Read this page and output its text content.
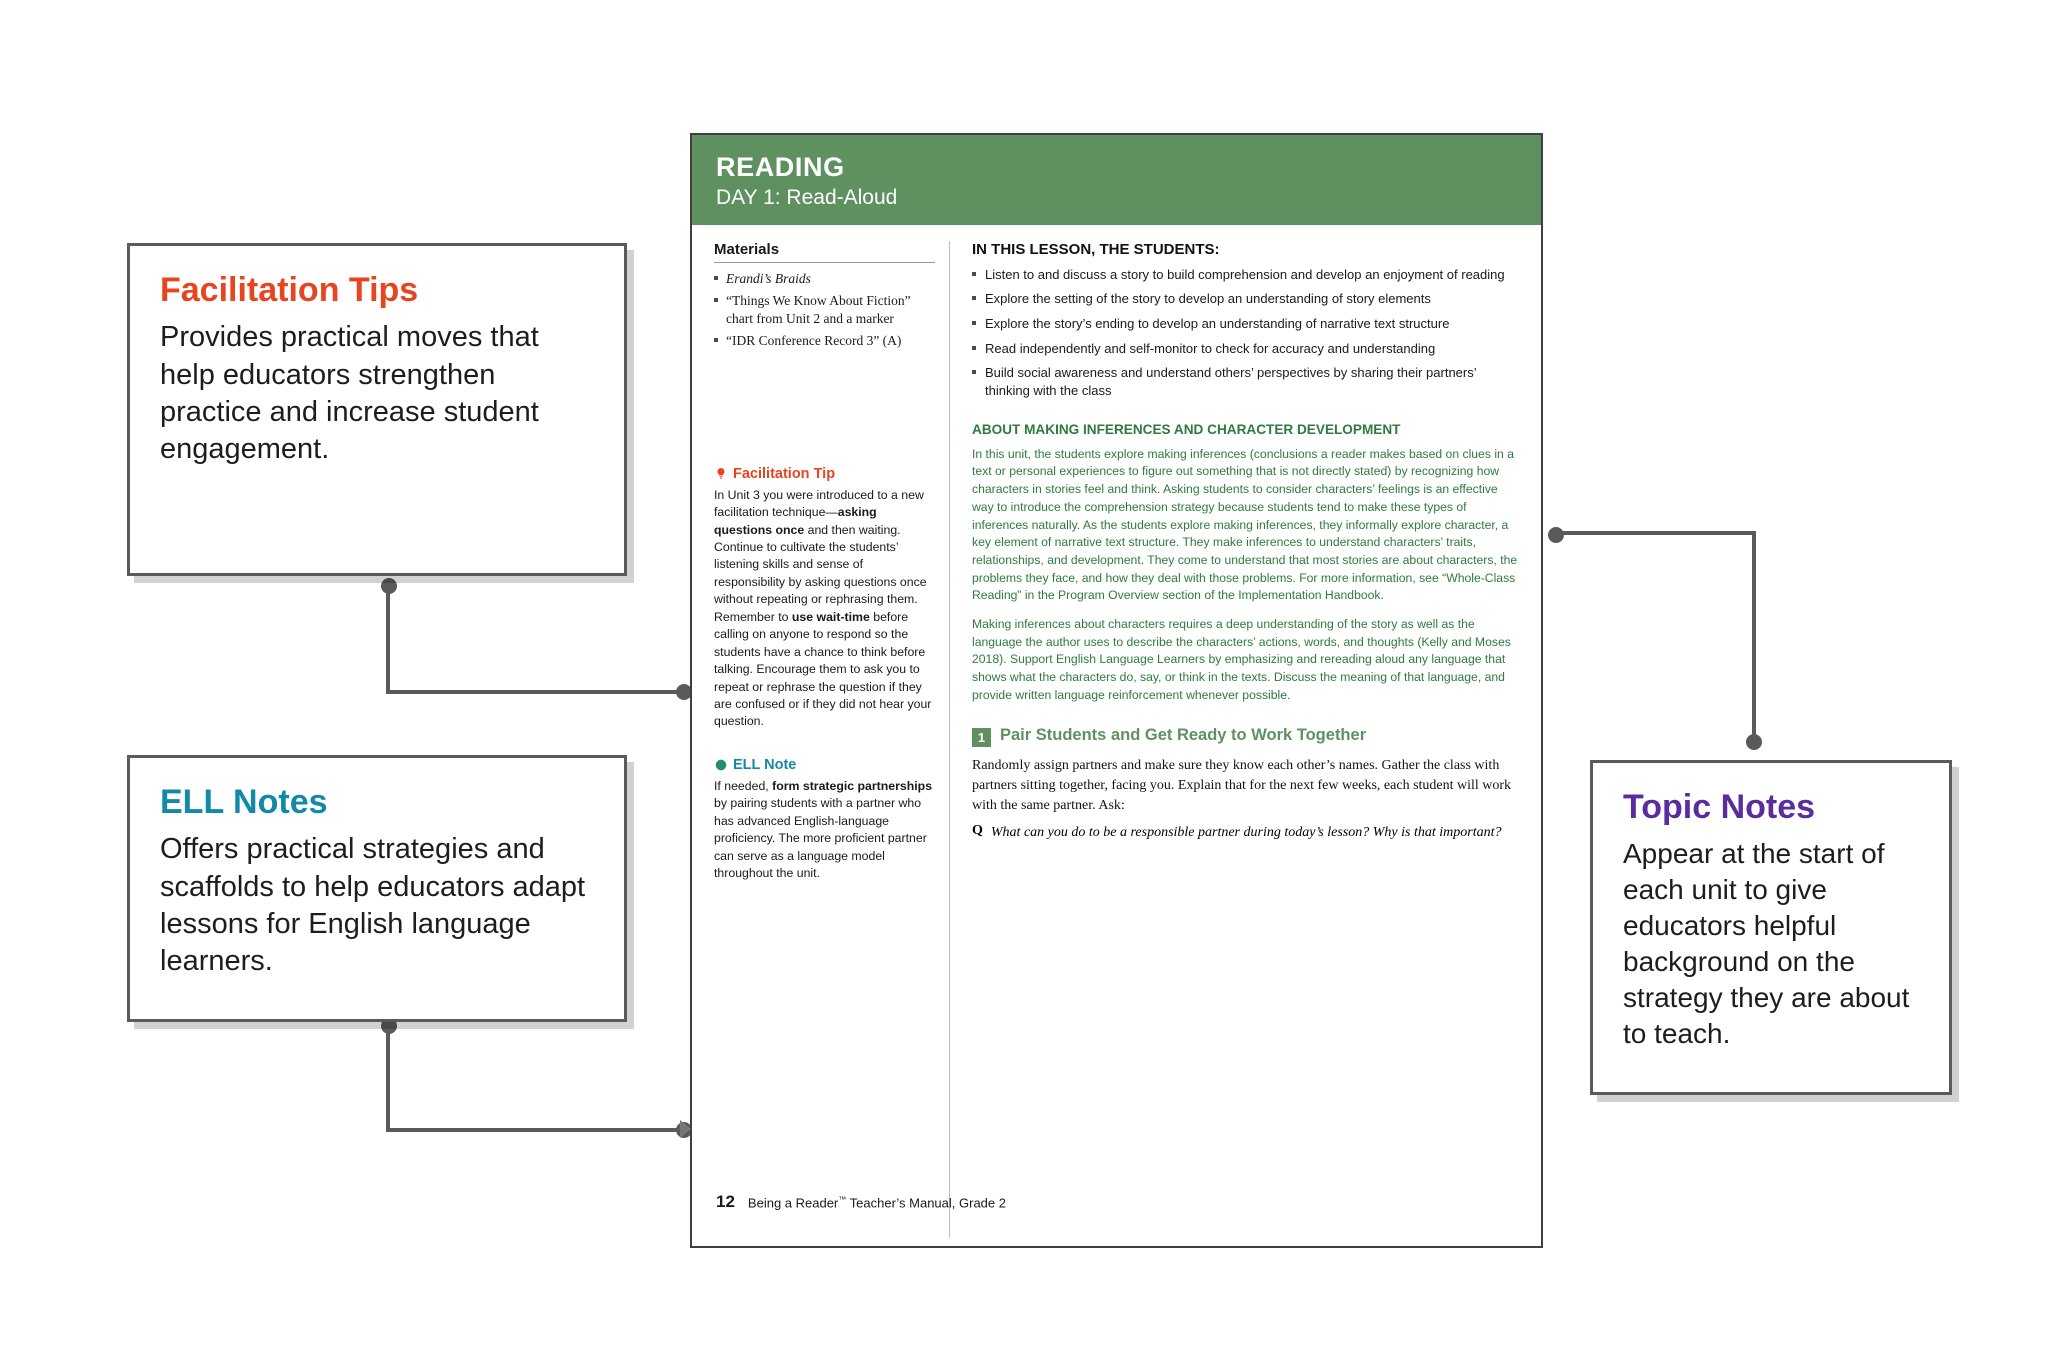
Facilitation Tips

Provides practical moves that help educators strengthen practice and increase student engagement.

ELL Notes

Offers practical strategies and scaffolds to help educators adapt lessons for English language learners.

Topic Notes

Appear at the start of each unit to give educators helpful background on the strategy they are about to teach.

READING
DAY 1: Read-Aloud
Materials
Erandi’s Braids
“Things We Know About Fiction” chart from Unit 2 and a marker
“IDR Conference Record 3” (A)
Facilitation Tip
In Unit 3 you were introduced to a new facilitation technique—asking questions once and then waiting. Continue to cultivate the students’ listening skills and sense of responsibility by asking questions once without repeating or rephrasing them. Remember to use wait-time before calling on anyone to respond so the students have a chance to think before talking. Encourage them to ask you to repeat or rephrase the question if they are confused or if they did not hear your question.
ELL Note
If needed, form strategic partnerships by pairing students with a partner who has advanced English-language proficiency. The more proficient partner can serve as a language model throughout the unit.
IN THIS LESSON, THE STUDENTS:
Listen to and discuss a story to build comprehension and develop an enjoyment of reading
Explore the setting of the story to develop an understanding of story elements
Explore the story’s ending to develop an understanding of narrative text structure
Read independently and self-monitor to check for accuracy and understanding
Build social awareness and understand others’ perspectives by sharing their partners’ thinking with the class
ABOUT MAKING INFERENCES AND CHARACTER DEVELOPMENT

In this unit, the students explore making inferences (conclusions a reader makes based on clues in a text or personal experiences to figure out something that is not directly stated) by recognizing how characters in stories feel and think. Asking students to consider characters’ feelings is an effective way to introduce the comprehension strategy because students tend to make these types of inferences naturally. As the students explore making inferences, they informally explore character, a key element of narrative text structure. They make inferences to understand characters’ traits, relationships, and development. They come to understand that most stories are about characters, the problems they face, and how they deal with those problems. For more information, see “Whole-Class Reading” in the Program Overview section of the Implementation Handbook.

Making inferences about characters requires a deep understanding of the story as well as the language the author uses to describe the characters’ actions, words, and thoughts (Kelly and Moses 2018). Support English Language Learners by emphasizing and rereading aloud any language that shows what the characters do, say, or think in the texts. Discuss the meaning of that language, and provide written language reinforcement whenever possible.

1 Pair Students and Get Ready to Work Together
Randomly assign partners and make sure they know each other’s names. Gather the class with partners sitting together, facing you. Explain that for the next few weeks, each student will work with the same partner. Ask:
Q What can you do to be a responsible partner during today’s lesson? Why is that important?
12 Being a Reader™ Teacher’s Manual, Grade 2
